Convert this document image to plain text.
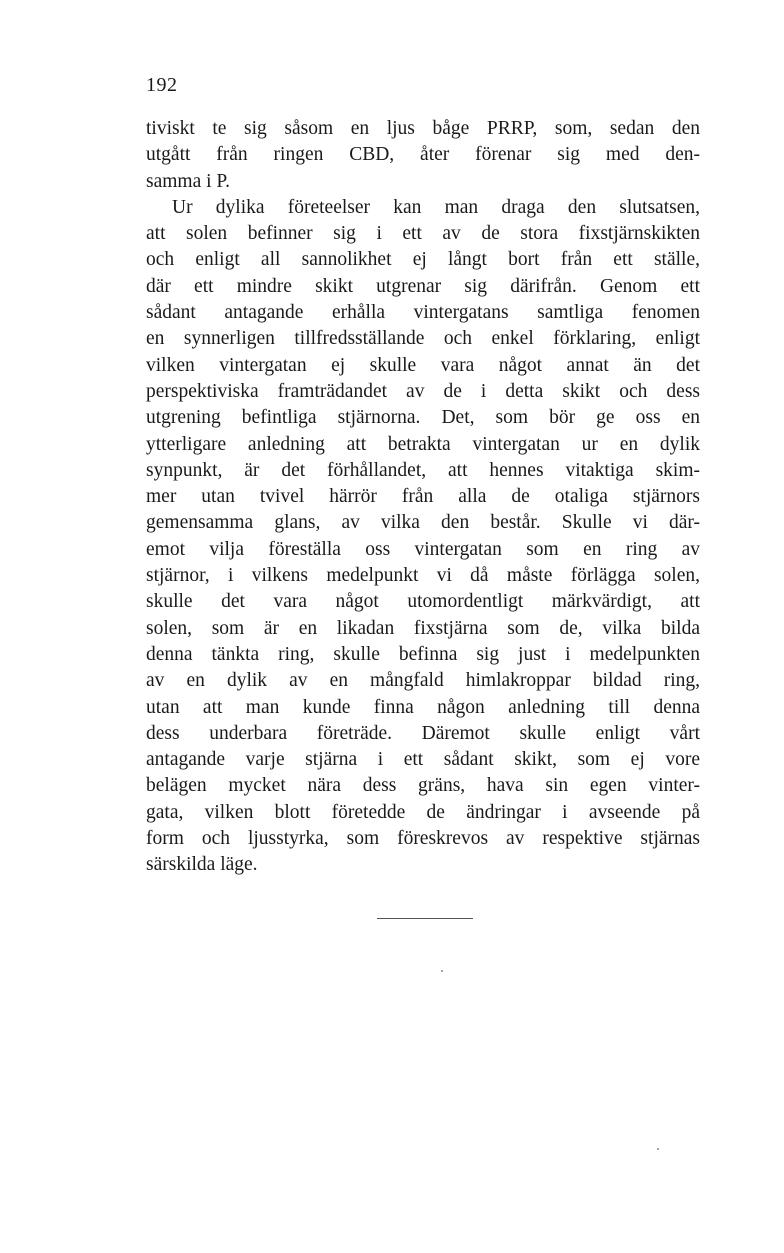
192
tiviskt te sig såsom en ljus båge PRRP, som, sedan den
utgått från ringen CBD, åter förenar sig med den-
samma i P.
Ur dylika företeelser kan man draga den slutsatsen,
att solen befinner sig i ett av de stora fixstjärnskikten
och enligt all sannolikhet ej långt bort från ett ställe,
där ett mindre skikt utgrenar sig därifrån. Genom ett
sådant antagande erhålla vintergatans samtliga fenomen
en synnerligen tillfredsställande och enkel förklaring, enligt
vilken vintergatan ej skulle vara något annat än det
perspektiviska framträdandet av de i detta skikt och dess
utgrening befintliga stjärnorna. Det, som bör ge oss en
ytterligare anledning att betrakta vintergatan ur en dylik
synpunkt, är det förhållandet, att hennes vitaktiga skim-
mer utan tvivel härrör från alla de otaliga stjärnors
gemensamma glans, av vilka den består. Skulle vi där-
emot vilja föreställa oss vintergatan som en ring av
stjärnor, i vilkens medelpunkt vi då måste förlägga solen,
skulle det vara något utomordentligt märkvärdigt, att
solen, som är en likadan fixstjärna som de, vilka bilda
denna tänkta ring, skulle befinna sig just i medelpunkten
av en dylik av en mångfald himlakroppar bildad ring,
utan att man kunde finna någon anledning till denna
dess underbara företräde. Däremot skulle enligt vårt
antagande varje stjärna i ett sådant skikt, som ej vore
belägen mycket nära dess gräns, hava sin egen vinter-
gata, vilken blott företedde de ändringar i avseende på
form och ljusstyrka, som föreskrevos av respektive stjärnas
särskilda läge.
